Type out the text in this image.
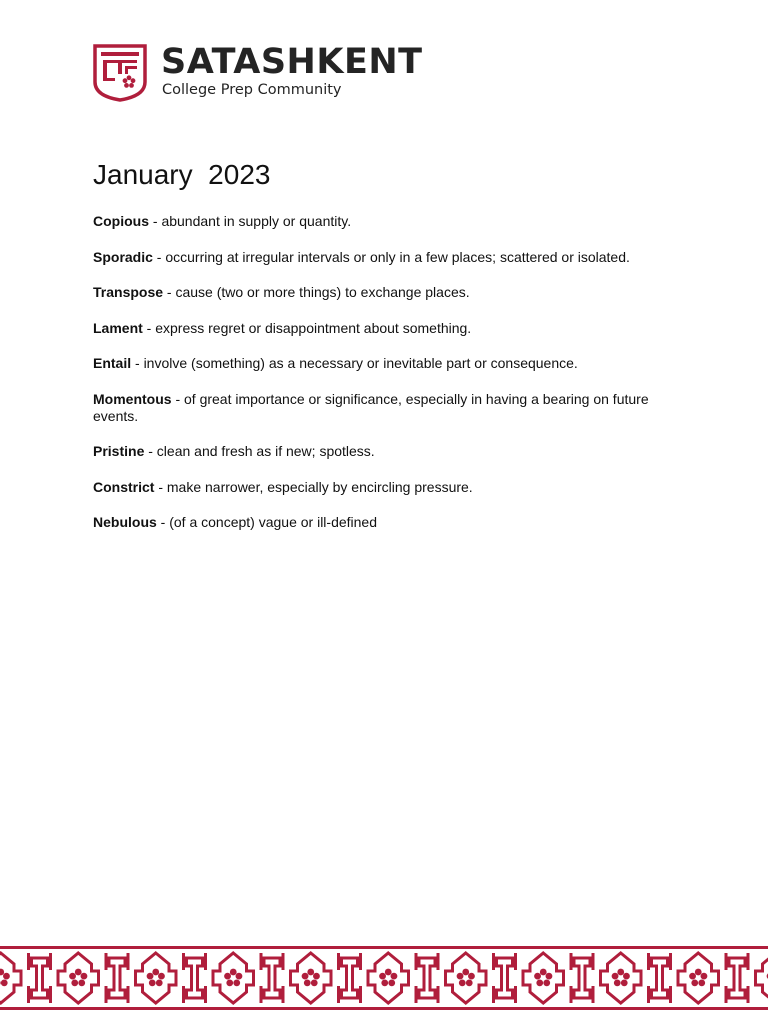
SATASHKENT
College Prep Community
January  2023
Copious - abundant in supply or quantity.
Sporadic - occurring at irregular intervals or only in a few places; scattered or isolated.
Transpose - cause (two or more things) to exchange places.
Lament - express regret or disappointment about something.
Entail - involve (something) as a necessary or inevitable part or consequence.
Momentous - of great importance or significance, especially in having a bearing on future events.
Pristine - clean and fresh as if new; spotless.
Constrict - make narrower, especially by encircling pressure.
Nebulous - (of a concept) vague or ill-defined
